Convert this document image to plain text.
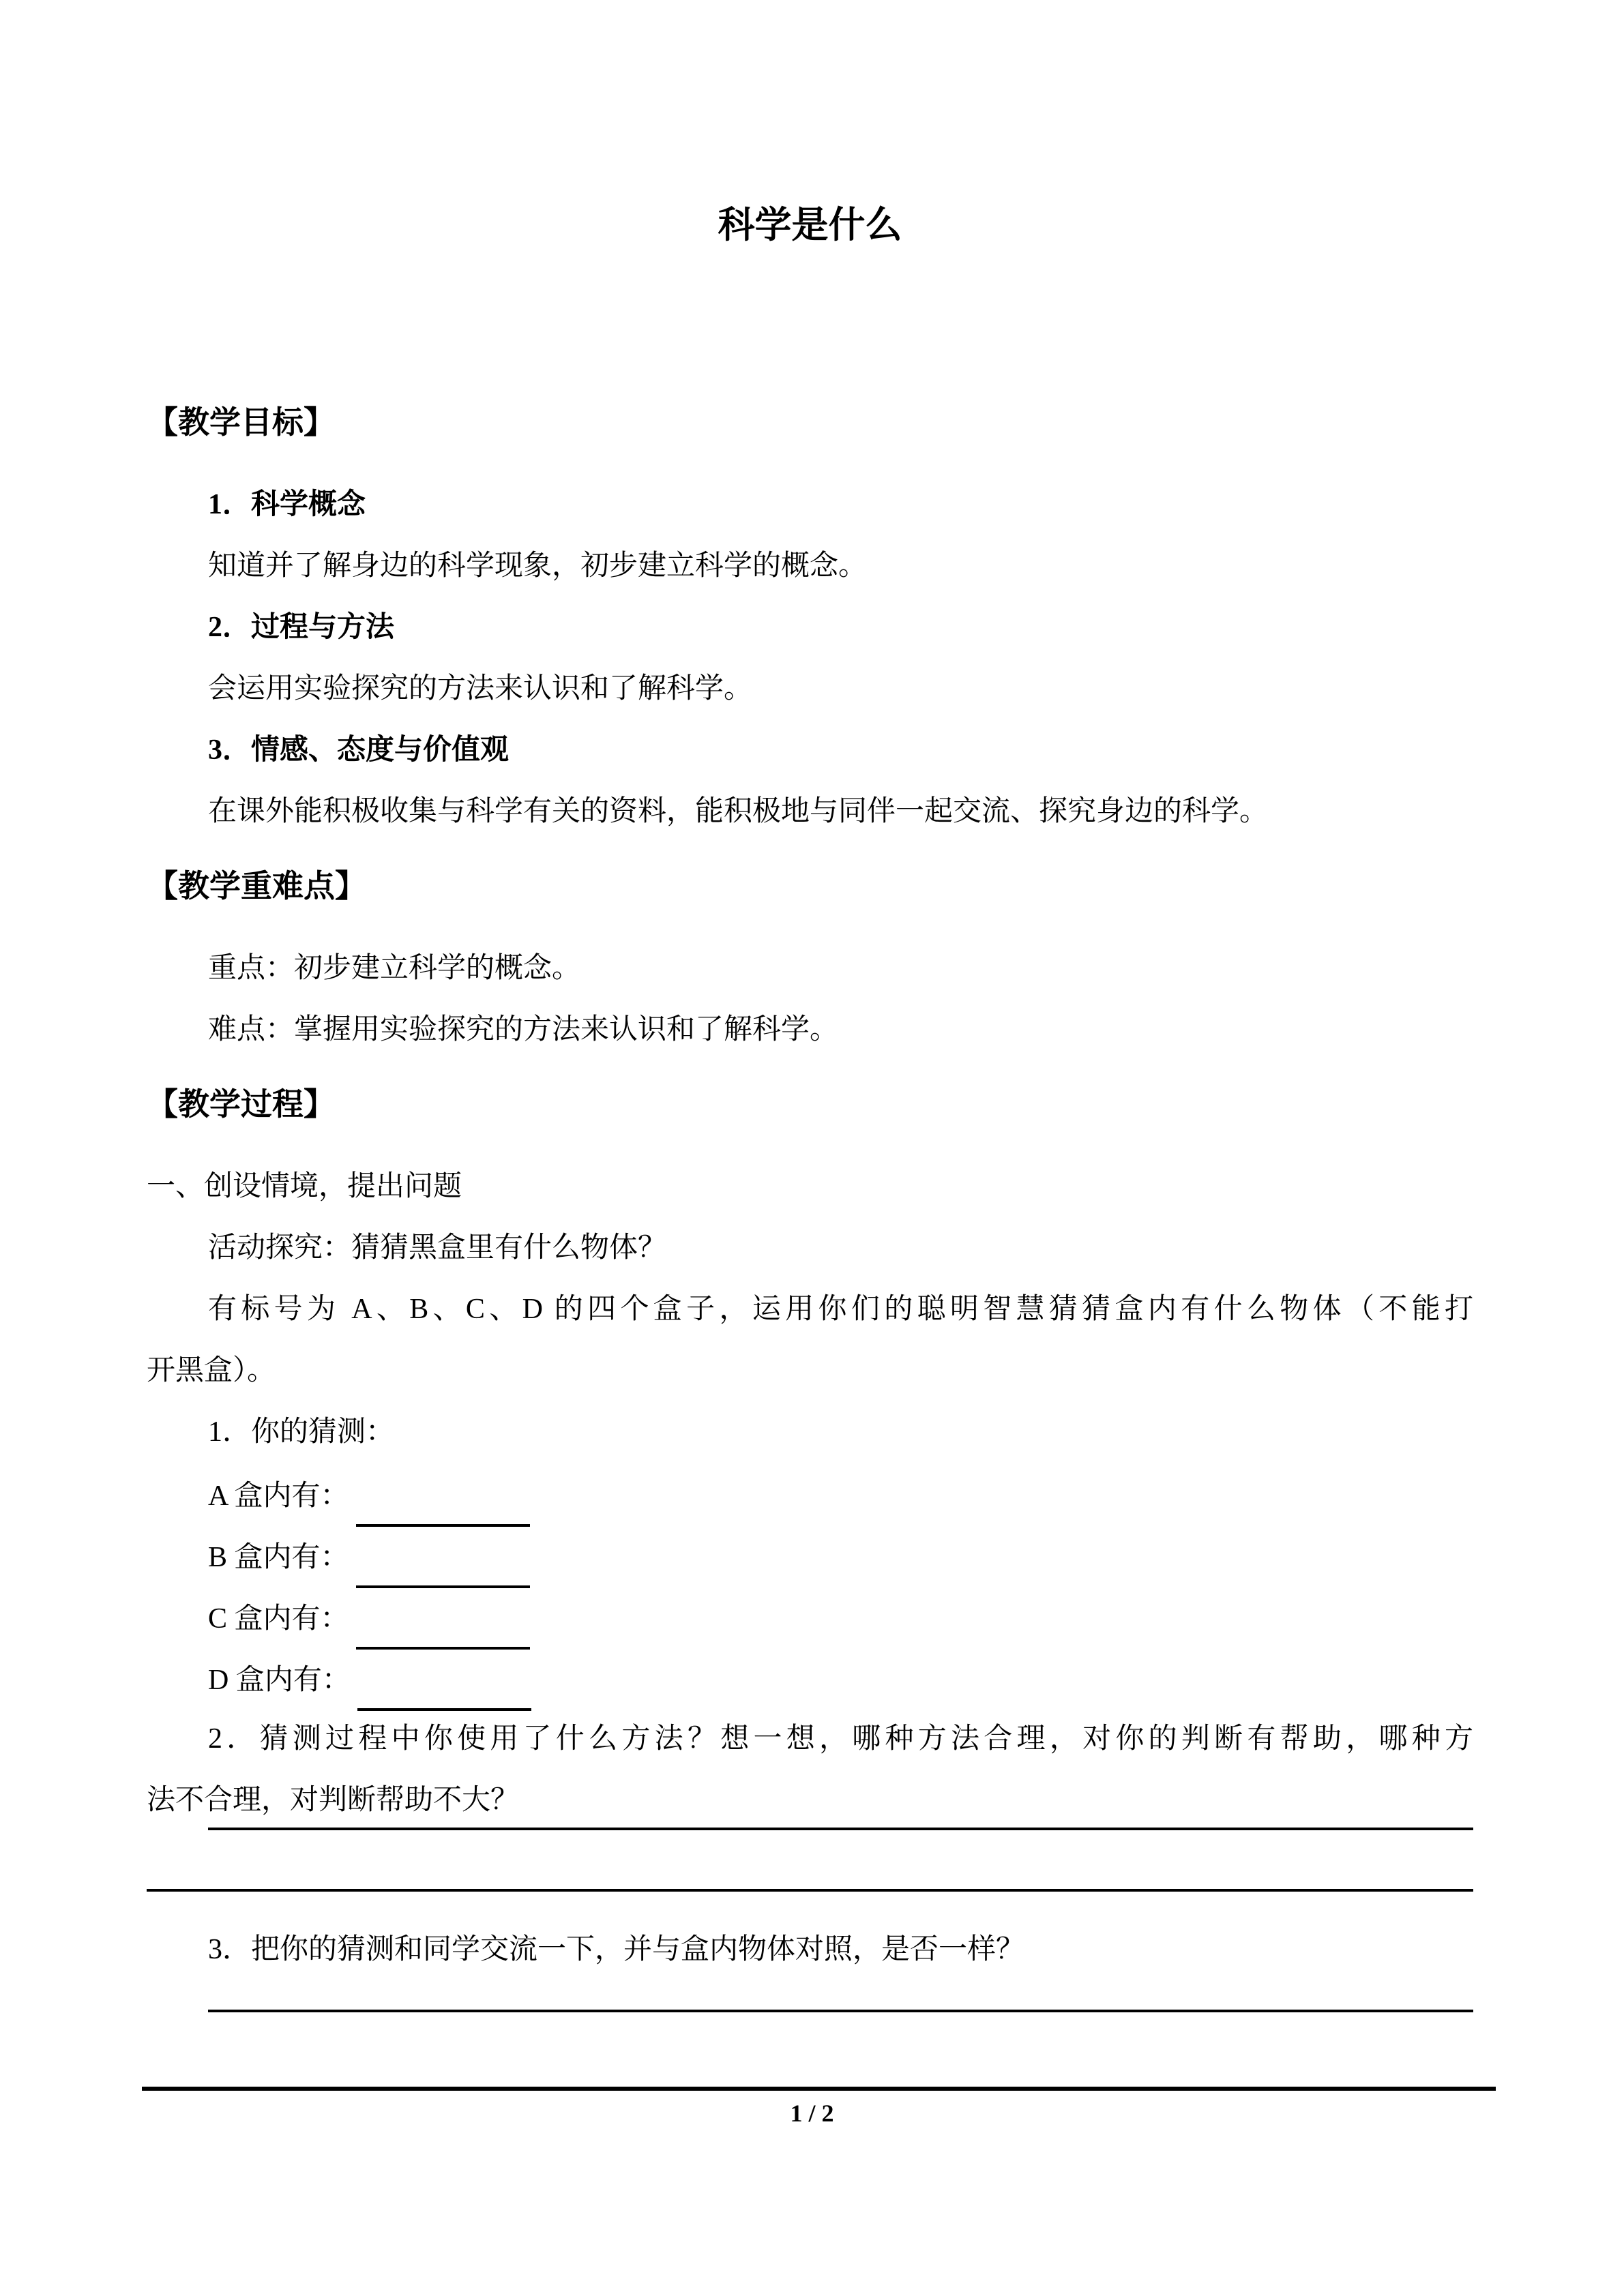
科学是什么
【教学目标】
1．科学概念
知道并了解身边的科学现象，初步建立科学的概念。
2．过程与方法
会运用实验探究的方法来认识和了解科学。
3．情感、态度与价值观
在课外能积极收集与科学有关的资料，能积极地与同伴一起交流、探究身边的科学。
【教学重难点】
重点：初步建立科学的概念。
难点：掌握用实验探究的方法来认识和了解科学。
【教学过程】
一、创设情境，提出问题
活动探究：猜猜黑盒里有什么物体？
有标号为 A、B、C、D 的四个盒子，运用你们的聪明智慧猜猜盒内有什么物体（不能打
开黑盒）。
1．你的猜测：
A 盒内有：
B 盒内有：
C 盒内有：
D 盒内有：
2．猜测过程中你使用了什么方法？想一想，哪种方法合理，对你的判断有帮助，哪种方
法不合理，对判断帮助不大？
3．把你的猜测和同学交流一下，并与盒内物体对照，是否一样？
1 / 2
